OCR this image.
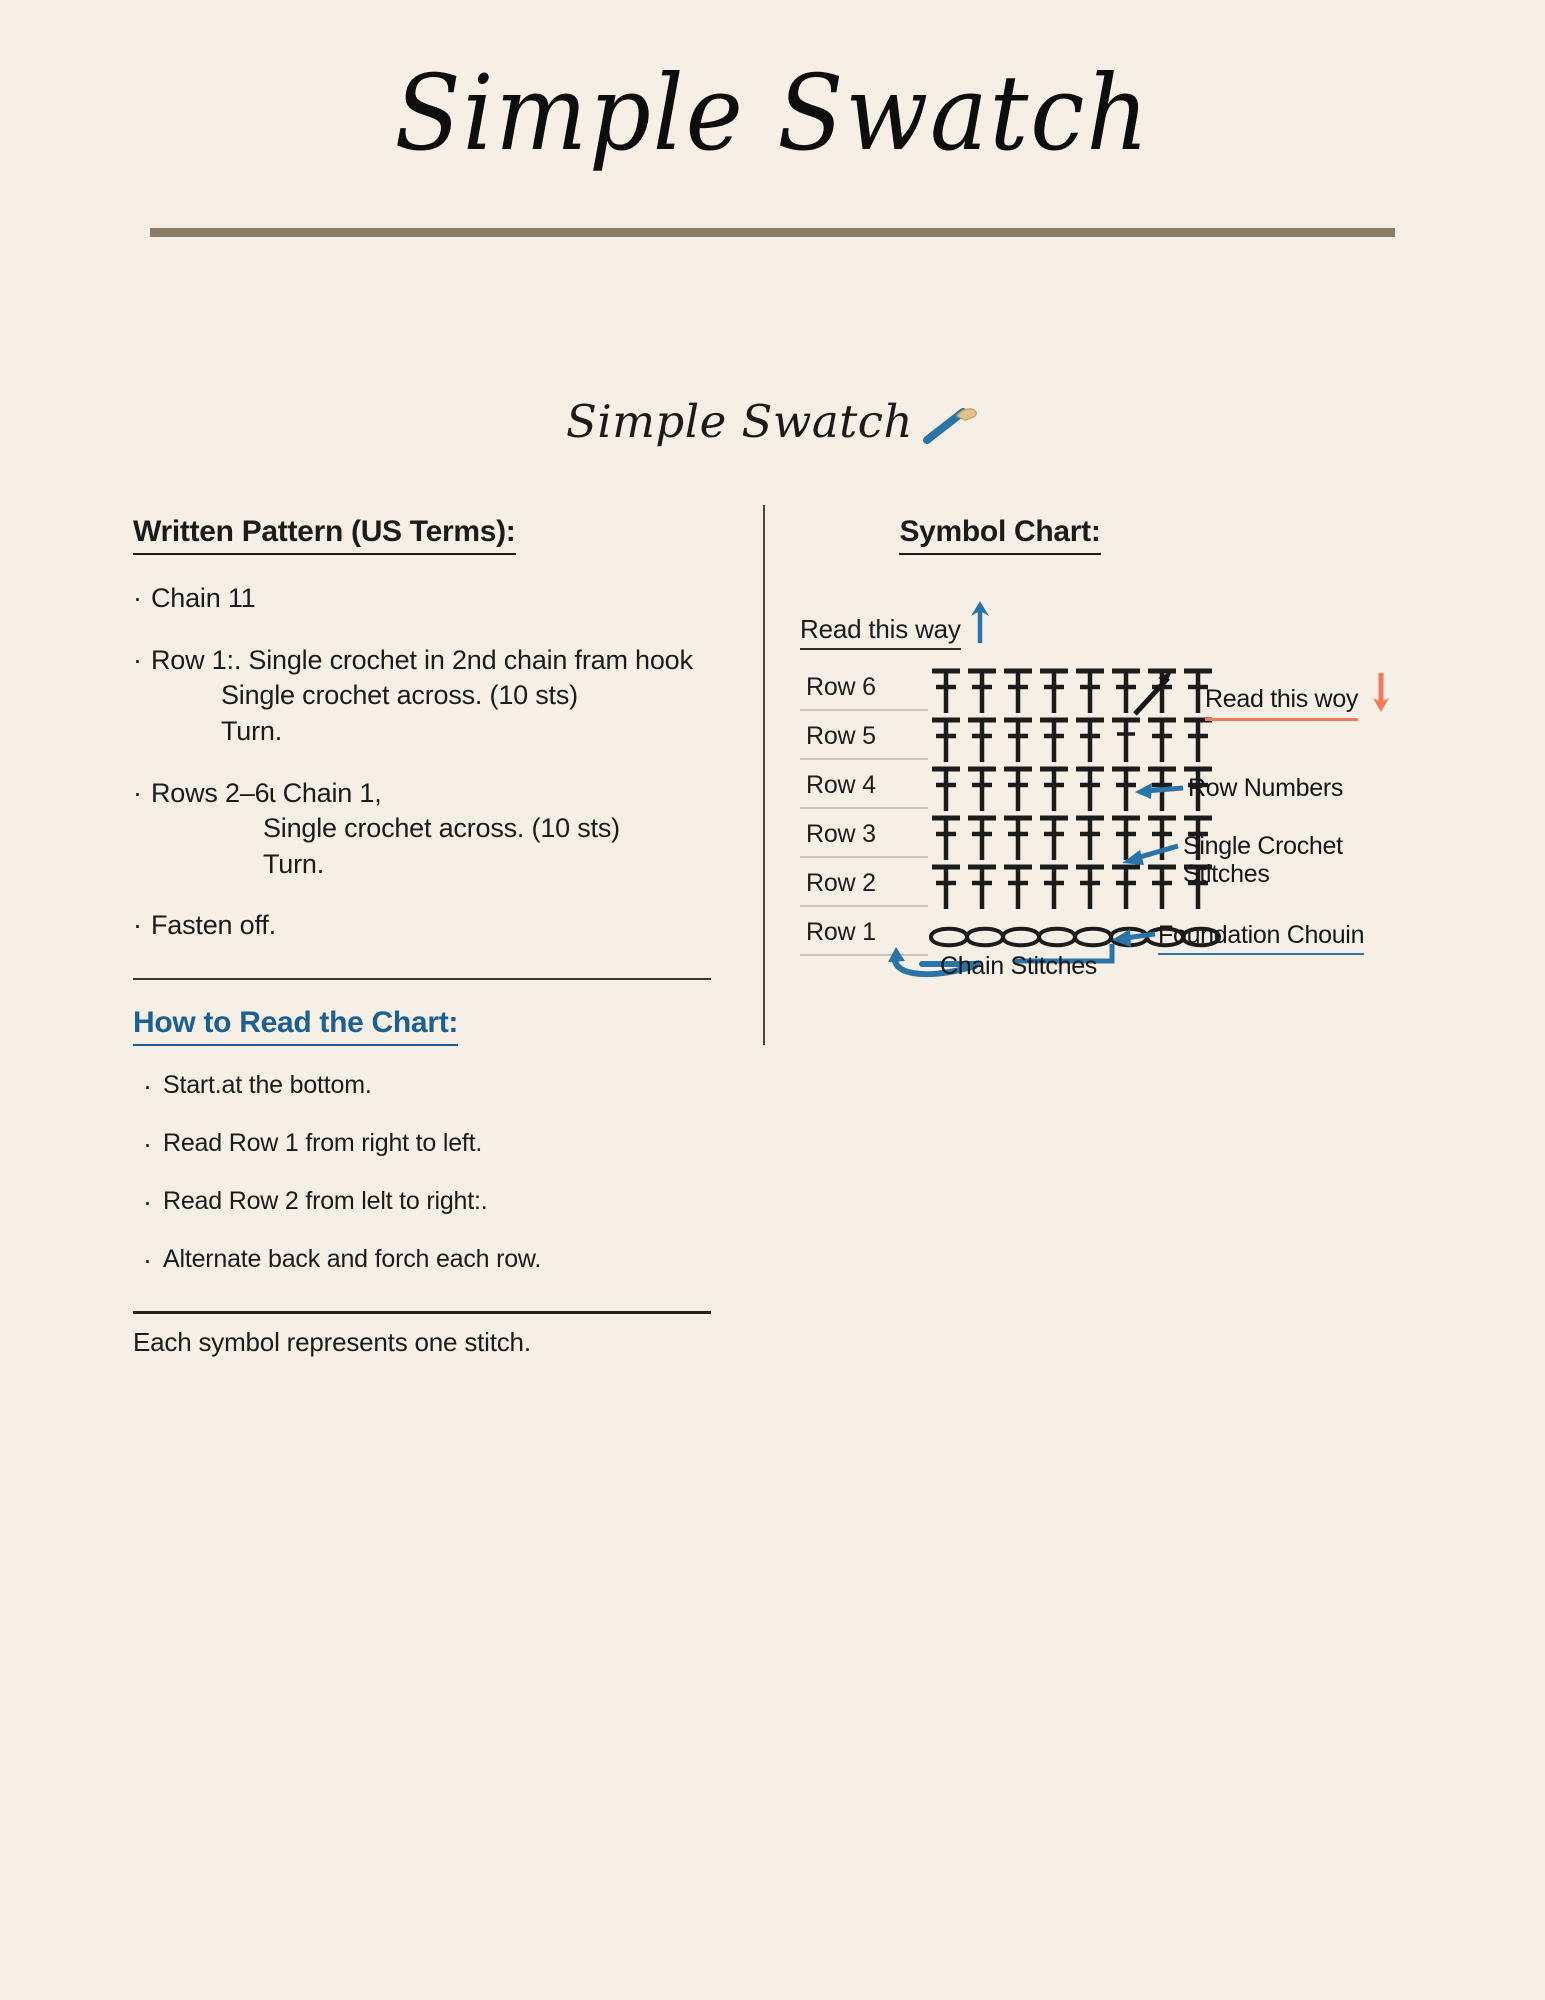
Simple Swatch
Simple Swatch
Written Pattern (US Terms):
· Chain 11
· Row 1:. Single crochet in 2nd chain fram hook
Single crochet across. (10 sts)
Turn.
· Rows 2–6ɩ Chain 1,
Single crochet across. (10 sts)
Turn.
· Fasten off.
How to Read the Chart:
· Start.at the bottom.
· Read Row 1 from right to left.
· Read Row 2 from lelt to right:.
· Alternate back and forch each row.
Each symbol represents one stitch.
Symbol Chart:
Read this way
Row 6
Row 5
Row 4
Row 3
Row 2
Row 1
Read this woy
Row Numbers
Single Crochet
Stitches
Foundation Chouin
Chain Stitches
